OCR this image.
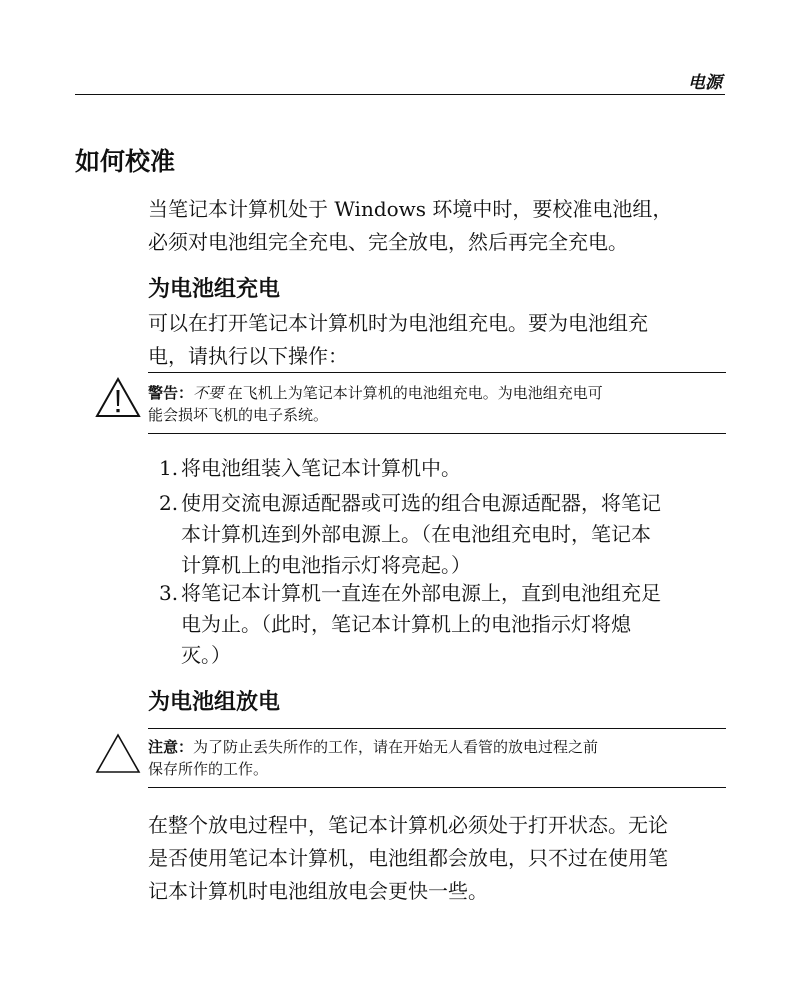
电源
如何校准
当笔记本计算机处于 Windows 环境中时，要校准电池组，
必须对电池组完全充电、完全放电，然后再完全充电。
为电池组充电
可以在打开笔记本计算机时为电池组充电。要为电池组充
电，请执行以下操作：
警告：不要 在飞机上为笔记本计算机的电池组充电。为电池组充电可
能会损坏飞机的电子系统。
1. 将电池组装入笔记本计算机中。
2. 使用交流电源适配器或可选的组合电源适配器，将笔记
本计算机连到外部电源上。（在电池组充电时，笔记本
计算机上的电池指示灯将亮起。）
3. 将笔记本计算机一直连在外部电源上，直到电池组充足
电为止。（此时，笔记本计算机上的电池指示灯将熄
灭。）
为电池组放电
注意：为了防止丢失所作的工作，请在开始无人看管的放电过程之前
保存所作的工作。
在整个放电过程中，笔记本计算机必须处于打开状态。无论
是否使用笔记本计算机，电池组都会放电，只不过在使用笔
记本计算机时电池组放电会更快一些。
